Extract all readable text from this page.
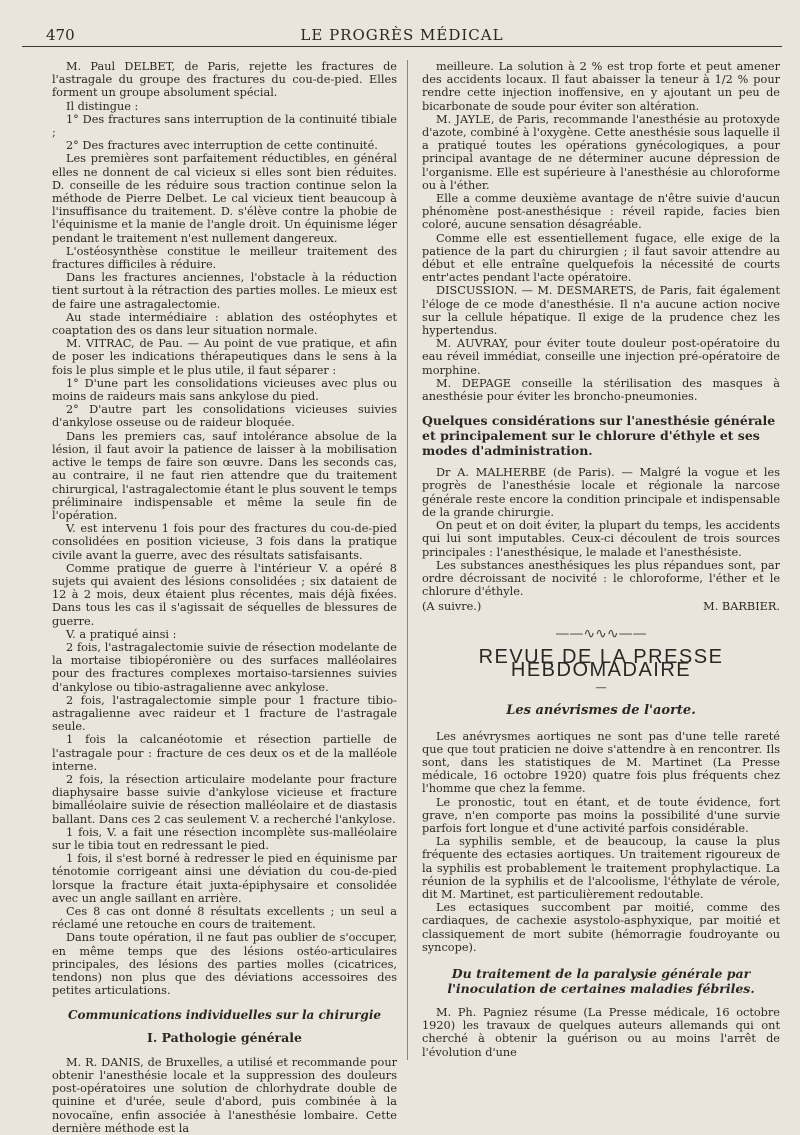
470	LE PROGRÈS MÉDICAL

M. Paul DELBET, de Paris, rejette les fractures de l'astragale du groupe des fractures du cou-de-pied. Elles forment un groupe absolument spécial.

Il distingue :

1° Des fractures sans interruption de la continuité tibiale ;

2° Des fractures avec interruption de cette continuité.

Les premières sont parfaitement réductibles, en général elles ne donnent de cal vicieux si elles sont bien réduites. D. conseille de les réduire sous traction continue selon la méthode de Pierre Delbet. Le cal vicieux tient beaucoup à l'insuffisance du traitement. D. s'élève contre la phobie de l'équinisme et la manie de l'angle droit. Un équinisme léger pendant le traitement n'est nullement dangereux.

L'ostéosynthèse constitue le meilleur traitement des fractures difficiles à réduire.

Dans les fractures anciennes, l'obstacle à la réduction tient surtout à la rétraction des parties molles. Le mieux est de faire une astragalectomie.

Au stade intermédiaire : ablation des ostéophytes et coaptation des os dans leur situation normale.

M. VITRAC, de Pau. — Au point de vue pratique, et afin de poser les indications thérapeutiques dans le sens à la fois le plus simple et le plus utile, il faut séparer :

1° D'une part les consolidations vicieuses avec plus ou moins de raideurs mais sans ankylose du pied.

2° D'autre part les consolidations vicieuses suivies d'ankylose osseuse ou de raideur bloquée.

Dans les premiers cas, sauf intolérance absolue de la lésion, il faut avoir la patience de laisser à la mobilisation active le temps de faire son œuvre. Dans les seconds cas, au contraire, il ne faut rien attendre que du traitement chirurgical, l'astragalectomie étant le plus souvent le temps préliminaire indispensable et même la seule fin de l'opération.

V. est intervenu 1 fois pour des fractures du cou-de-pied consolidées en position vicieuse, 3 fois dans la pratique civile avant la guerre, avec des résultats satisfaisants.

Comme pratique de guerre à l'intérieur V. a opéré 8 sujets qui avaient des lésions consolidées ; six dataient de 12 à 2 mois, deux étaient plus récentes, mais déjà fixées. Dans tous les cas il s'agissait de séquelles de blessures de guerre.

V. a pratiqué ainsi :

2 fois, l'astragalectomie suivie de résection modelante de la mortaise tibiopéronière ou des surfaces malléolaires pour des fractures complexes mortaiso-tarsiennes suivies d'ankylose ou tibio-astragalienne avec ankylose.

2 fois, l'astragalectomie simple pour 1 fracture tibio-astragalienne avec raideur et 1 fracture de l'astragale seule.

1 fois la calcanéotomie et résection partielle de l'astragale pour : fracture de ces deux os et de la malléole interne.

2 fois, la résection articulaire modelante pour fracture diaphysaire basse suivie d'ankylose vicieuse et fracture bimalléolaire suivie de résection malléolaire et de diastasis ballant. Dans ces 2 cas seulement V. a recherché l'ankylose.

1 fois, V. a fait une résection incomplète sus-malléolaire sur le tibia tout en redressant le pied.

1 fois, il s'est borné à redresser le pied en équinisme par ténotomie corrigeant ainsi une déviation du cou-de-pied lorsque la fracture était juxta-épiphysaire et consolidée avec un angle saillant en arrière.

Ces 8 cas ont donné 8 résultats excellents ; un seul a réclamé une retouche en cours de traitement.

Dans toute opération, il ne faut pas oublier de s'occuper, en même temps que des lésions ostéo-articulaires principales, des lésions des parties molles (cicatrices, tendons) non plus que des déviations accessoires des petites articulations.

Communications individuelles sur la chirurgie
I. Pathologie générale

M. R. DANIS, de Bruxelles, a utilisé et recommande pour obtenir l'anesthésie locale et la suppression des douleurs post-opératoires une solution de chlorhydrate double de quinine et d'urée, seule d'abord, puis combinée à la novocaïne, enfin associée à l'anesthésie lombaire. Cette dernière méthode est la

meilleure. La solution à 2 % est trop forte et peut amener des accidents locaux. Il faut abaisser la teneur à 1/2 % pour rendre cette injection inoffensive, en y ajoutant un peu de bicarbonate de soude pour éviter son altération.

M. JAYLE, de Paris, recommande l'anesthésie au protoxyde d'azote, combiné à l'oxygène. Cette anesthésie sous laquelle il a pratiqué toutes les opérations gynécologiques, a pour principal avantage de ne déterminer aucune dépression de l'organisme. Elle est supérieure à l'anesthésie au chloroforme ou à l'éther.

Elle a comme deuxième avantage de n'être suivie d'aucun phénomène post-anesthésique : réveil rapide, facies bien coloré, aucune sensation désagréable.

Comme elle est essentiellement fugace, elle exige de la patience de la part du chirurgien ; il faut savoir attendre au début et elle entraîne quelquefois la nécessité de courts entr'actes pendant l'acte opératoire.

DISCUSSION. — M. DESMARETS, de Paris, fait également l'éloge de ce mode d'anesthésie. Il n'a aucune action nocive sur la cellule hépatique. Il exige de la prudence chez les hypertendus.

M. AUVRAY, pour éviter toute douleur post-opératoire du eau réveil immédiat, conseille une injection pré-opératoire de morphine.

M. DEPAGE conseille la stérilisation des masques à anesthésie pour éviter les broncho-pneumonies.

Quelques considérations sur l'anesthésie générale et principalement sur le chlorure d'éthyle et ses modes d'administration.

Dr A. MALHERBE (de Paris). — Malgré la vogue et les progrès de l'anesthésie locale et régionale la narcose générale reste encore la condition principale et indispensable de la grande chirurgie.

On peut et on doit éviter, la plupart du temps, les accidents qui lui sont imputables. Ceux-ci découlent de trois sources principales : l'anesthésique, le malade et l'anesthésiste.

Les substances anesthésiques les plus répandues sont, par ordre décroissant de nocivité : le chloroforme, l'éther et le chlorure d'éthyle.

(A suivre.)	M. BARBIER.
——∿∿∿——
REVUE DE LA PRESSE HEBDOMADAIRE
—
Les anévrismes de l'aorte.

Les anévrysmes aortiques ne sont pas d'une telle rareté que que tout praticien ne doive s'attendre à en rencontrer. Ils sont, dans les statistiques de M. Martinet (La Presse médicale, 16 octobre 1920) quatre fois plus fréquents chez l'homme que chez la femme.

Le pronostic, tout en étant, et de toute évidence, fort grave, n'en comporte pas moins la possibilité d'une survie parfois fort longue et d'une activité parfois considérable.

La syphilis semble, et de beaucoup, la cause la plus fréquente des ectasies aortiques. Un traitement rigoureux de la syphilis est probablement le traitement prophylactique. La réunion de la syphilis et de l'alcoolisme, l'éthylate de vérole, dit M. Martinet, est particulièrement redoutable.

Les ectasiques succombent par moitié, comme des cardiaques, de cachexie asystolo-asphyxique, par moitié et classiquement de mort subite (hémorragie foudroyante ou syncope).

Du traitement de la paralysie générale par l'inoculation de certaines maladies fébriles.

M. Ph. Pagniez résume (La Presse médicale, 16 octobre 1920) les travaux de quelques auteurs allemands qui ont cherché à obtenir la guérison ou au moins l'arrêt de l'évolution d'une
